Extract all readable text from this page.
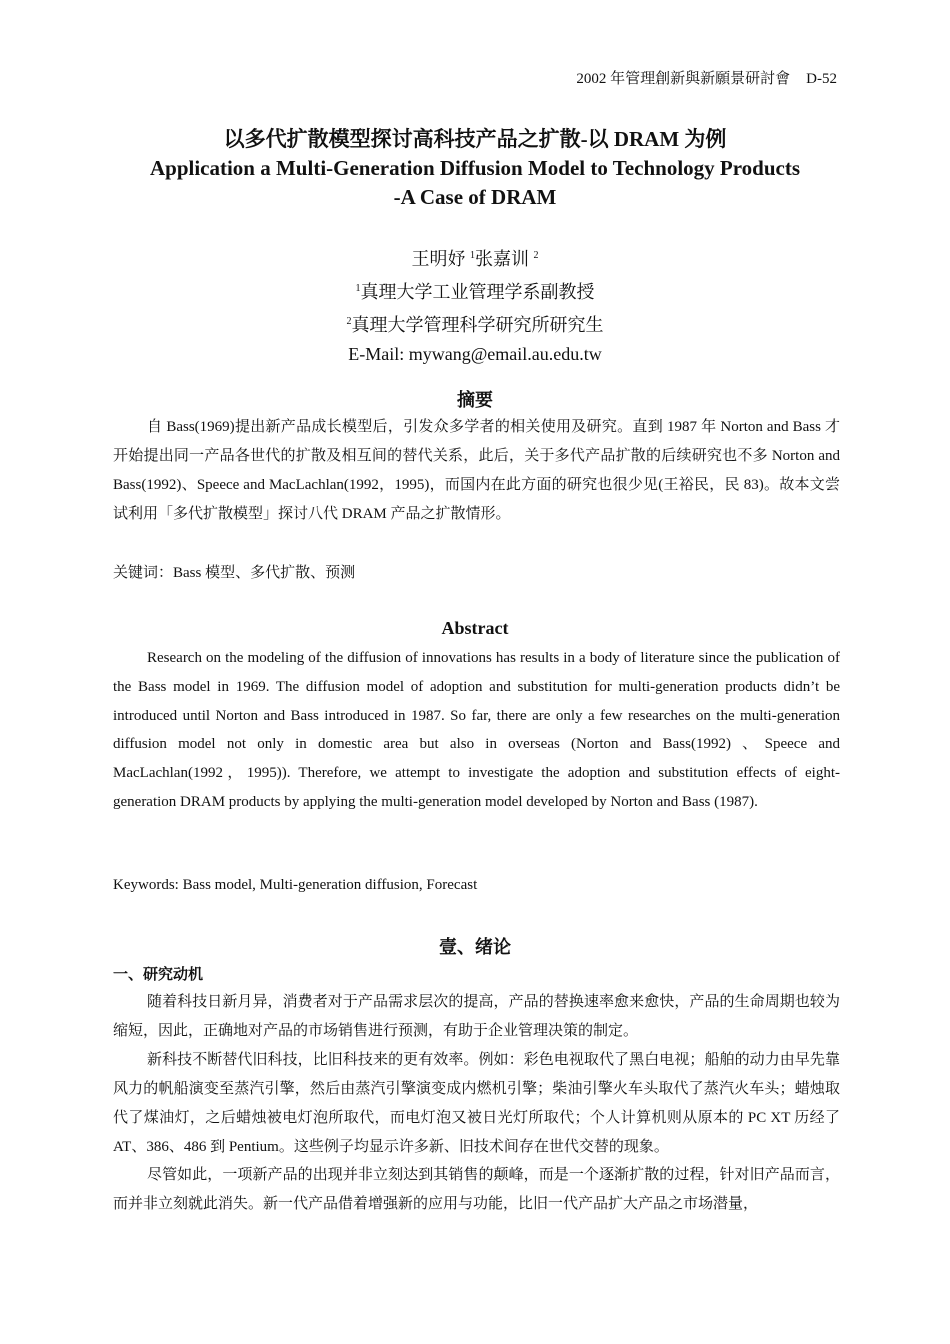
2002 年管理創新與新願景研討會 D-52
以多代扩散模型探讨高科技产品之扩散-以 DRAM 为例
Application a Multi-Generation Diffusion Model to Technology Products
-A Case of DRAM
王明妤 $^1$张嘉训 $^2$
$^1$真理大学工业管理学系副教授
$^2$真理大学管理科学研究所研究生
E-Mail: mywang@email.au.edu.tw
摘要
自 Bass(1969)提出新产品成长模型后，引发众多学者的相关使用及研究。直到 1987 年 Norton and Bass 才开始提出同一产品各世代的扩散及相互间的替代关系，此后，关于多代产品扩散的后续研究也不多 Norton and Bass(1992)、Speece and MacLachlan(1992，1995)，而国内在此方面的研究也很少见(王裕民，民 83)。故本文尝试利用「多代扩散模型」探讨八代 DRAM 产品之扩散情形。
关键词：Bass 模型、多代扩散、预测
Abstract
Research on the modeling of the diffusion of innovations has results in a body of literature since the publication of the Bass model in 1969. The diffusion model of adoption and substitution for multi-generation products didn’t be introduced until Norton and Bass introduced in 1987. So far, there are only a few researches on the multi-generation diffusion model not only in domestic area but also in overseas (Norton and Bass(1992) 、Speece and MacLachlan(1992，1995)). Therefore, we attempt to investigate the adoption and substitution effects of eight-generation DRAM products by applying the multi-generation model developed by Norton and Bass (1987).
Keywords: Bass model, Multi-generation diffusion, Forecast
壹、绪论
一、研究动机
随着科技日新月异，消费者对于产品需求层次的提高，产品的替换速率愈来愈快，产品的生命周期也较为缩短，因此，正确地对产品的市场销售进行预测，有助于企业管理决策的制定。
新科技不断替代旧科技，比旧科技来的更有效率。例如：彩色电视取代了黑白电视；船舶的动力由早先靠风力的帆船演变至蒸汽引擎，然后由蒸汽引擎演变成内燃机引擎；柴油引擎火车头取代了蒸汽火车头；蜡烛取代了煤油灯，之后蜡烛被电灯泡所取代，而电灯泡又被日光灯所取代；个人计算机则从原本的 PC XT 历经了 AT、386、486 到 Pentium。这些例子均显示许多新、旧技术间存在世代交替的现象。
尽管如此，一项新产品的出现并非立刻达到其销售的颠峰，而是一个逐渐扩散的过程，针对旧产品而言，而并非立刻就此消失。新一代产品借着增强新的应用与功能，比旧一代产品扩大产品之市场潜量，
